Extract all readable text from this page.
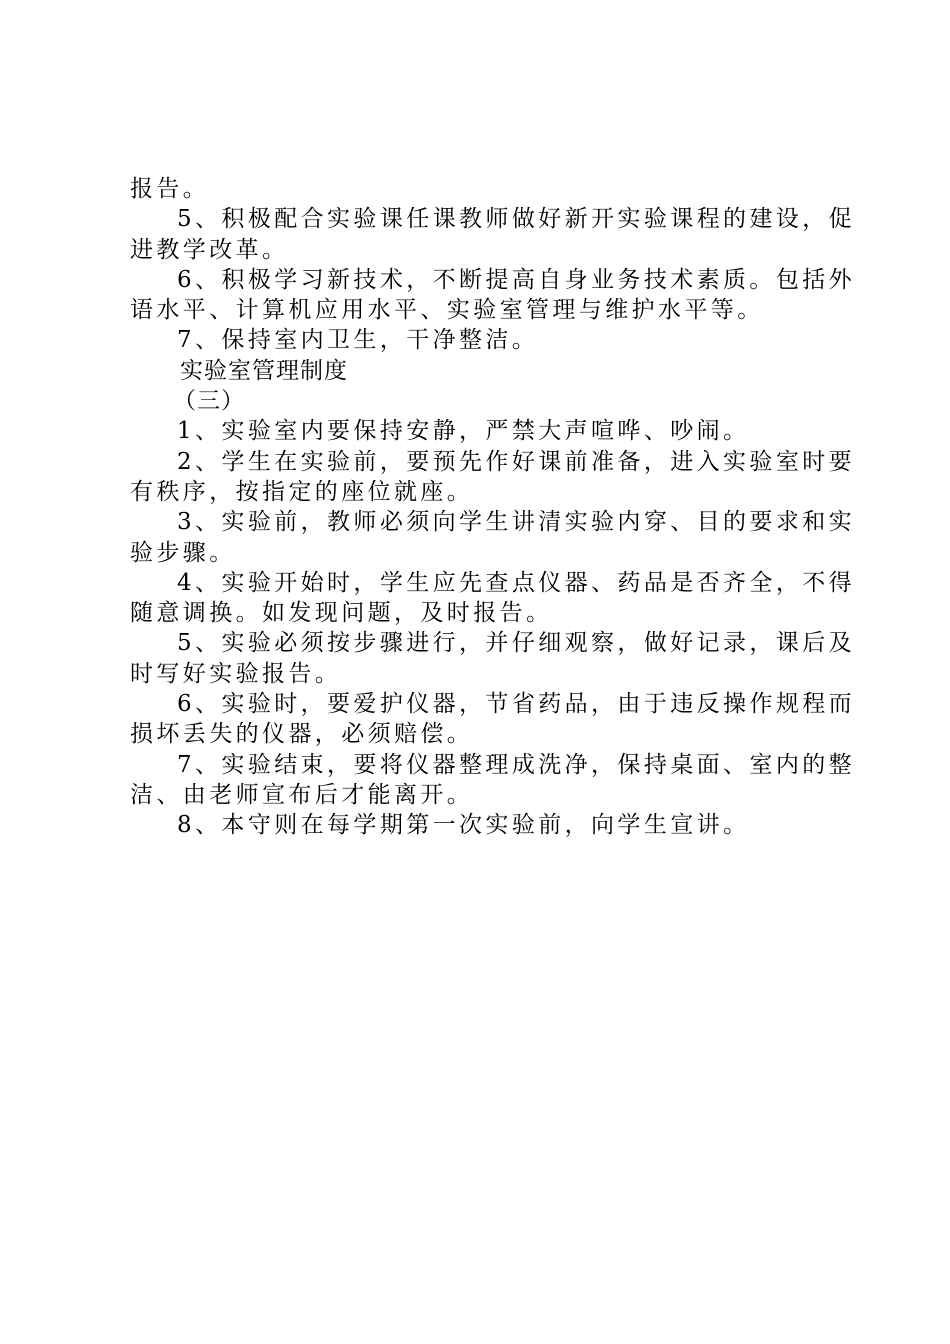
报告。
5、积极配合实验课任课教师做好新开实验课程的建设，促
进教学改革。
6、积极学习新技术，不断提高自身业务技术素质。包括外
语水平、计算机应用水平、实验室管理与维护水平等。
7、保持室内卫生，干净整洁。
实验室管理制度
（三）
1、实验室内要保持安静，严禁大声喧哗、吵闹。
2、学生在实验前，要预先作好课前准备，进入实验室时要
有秩序，按指定的座位就座。
3、实验前，教师必须向学生讲清实验内穿、目的要求和实
验步骤。
4、实验开始时，学生应先查点仪器、药品是否齐全，不得
随意调换。如发现问题，及时报告。
5、实验必须按步骤进行，并仔细观察，做好记录，课后及
时写好实验报告。
6、实验时，要爱护仪器，节省药品，由于违反操作规程而
损坏丢失的仪器，必须赔偿。
7、实验结束，要将仪器整理成洗净，保持桌面、室内的整
洁、由老师宣布后才能离开。
8、本守则在每学期第一次实验前，向学生宣讲。
